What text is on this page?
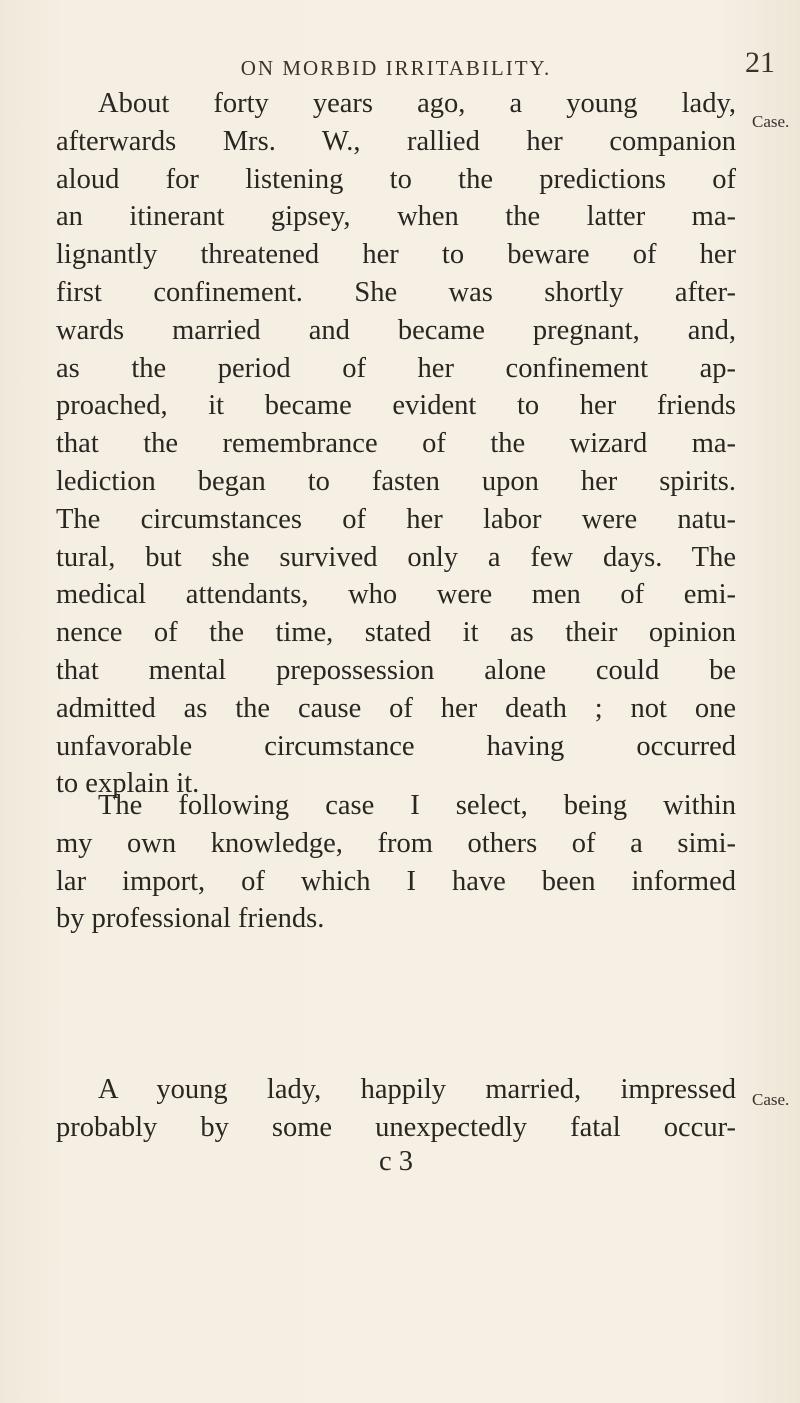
ON MORBID IRRITABILITY.	21
Case.
Case.
About forty years ago, a young lady,
afterwards Mrs. W., rallied her companion
aloud for listening to the predictions of
an itinerant gipsey, when the latter ma-
lignantly threatened her to beware of her
first confinement. She was shortly after-
wards married and became pregnant, and,
as the period of her confinement ap-
proached, it became evident to her friends
that the remembrance of the wizard ma-
lediction began to fasten upon her spirits.
The circumstances of her labor were natu-
tural, but she survived only a few days. The
medical attendants, who were men of emi-
nence of the time, stated it as their opinion
that mental prepossession alone could be
admitted as the cause of her death ; not one
unfavorable circumstance having occurred
to explain it.
The following case I select, being within
my own knowledge, from others of a simi-
lar import, of which I have been informed
by professional friends.
A young lady, happily married, impressed
probably by some unexpectedly fatal occur-
c 3
